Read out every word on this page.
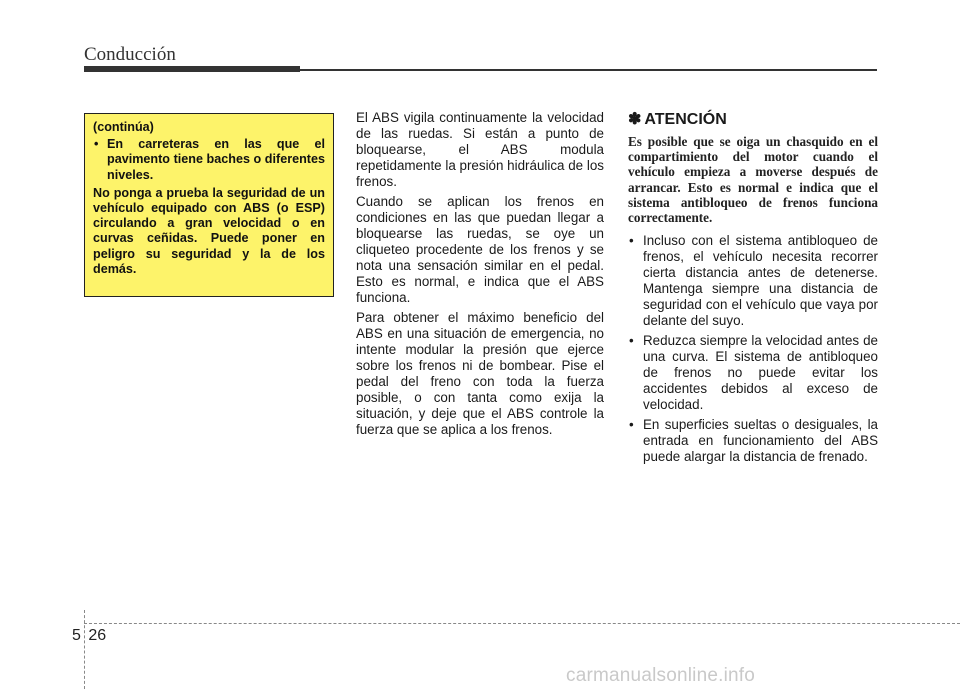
Conducción

(continúa)

• En carreteras en las que el pavimento tiene baches o diferentes niveles.

No ponga a prueba la seguridad de un vehículo equipado con ABS (o ESP) circulando a gran velocidad o en curvas ceñidas. Puede poner en peligro su seguridad y la de los demás.

El ABS vigila continuamente la velocidad de las ruedas. Si están a punto de bloquearse, el ABS modula repetidamente la presión hidráulica de los frenos.

Cuando se aplican los frenos en condiciones en las que puedan llegar a bloquearse las ruedas, se oye un cliqueteo procedente de los frenos y se nota una sensación similar en el pedal. Esto es normal, e indica que el ABS funciona.

Para obtener el máximo beneficio del ABS en una situación de emergencia, no intente modular la presión que ejerce sobre los frenos ni de bombear. Pise el pedal del freno con toda la fuerza posible, o con tanta como exija la situación, y deje que el ABS controle la fuerza que se aplica a los frenos.

✽ ATENCIÓN

Es posible que se oiga un chasquido en el compartimiento del motor cuando el vehículo empieza a moverse después de arrancar. Esto es normal e indica que el sistema antibloqueo de frenos funciona correctamente.

• Incluso con el sistema antibloqueo de frenos, el vehículo necesita recorrer cierta distancia antes de detenerse. Mantenga siempre una distancia de seguridad con el vehículo que vaya por delante del suyo.
• Reduzca siempre la velocidad antes de una curva. El sistema de antibloqueo de frenos no puede evitar los accidentes debidos al exceso de velocidad.
• En superficies sueltas o desiguales, la entrada en funcionamiento del ABS puede alargar la distancia de frenado.
5 26
carmanualsonline.info
